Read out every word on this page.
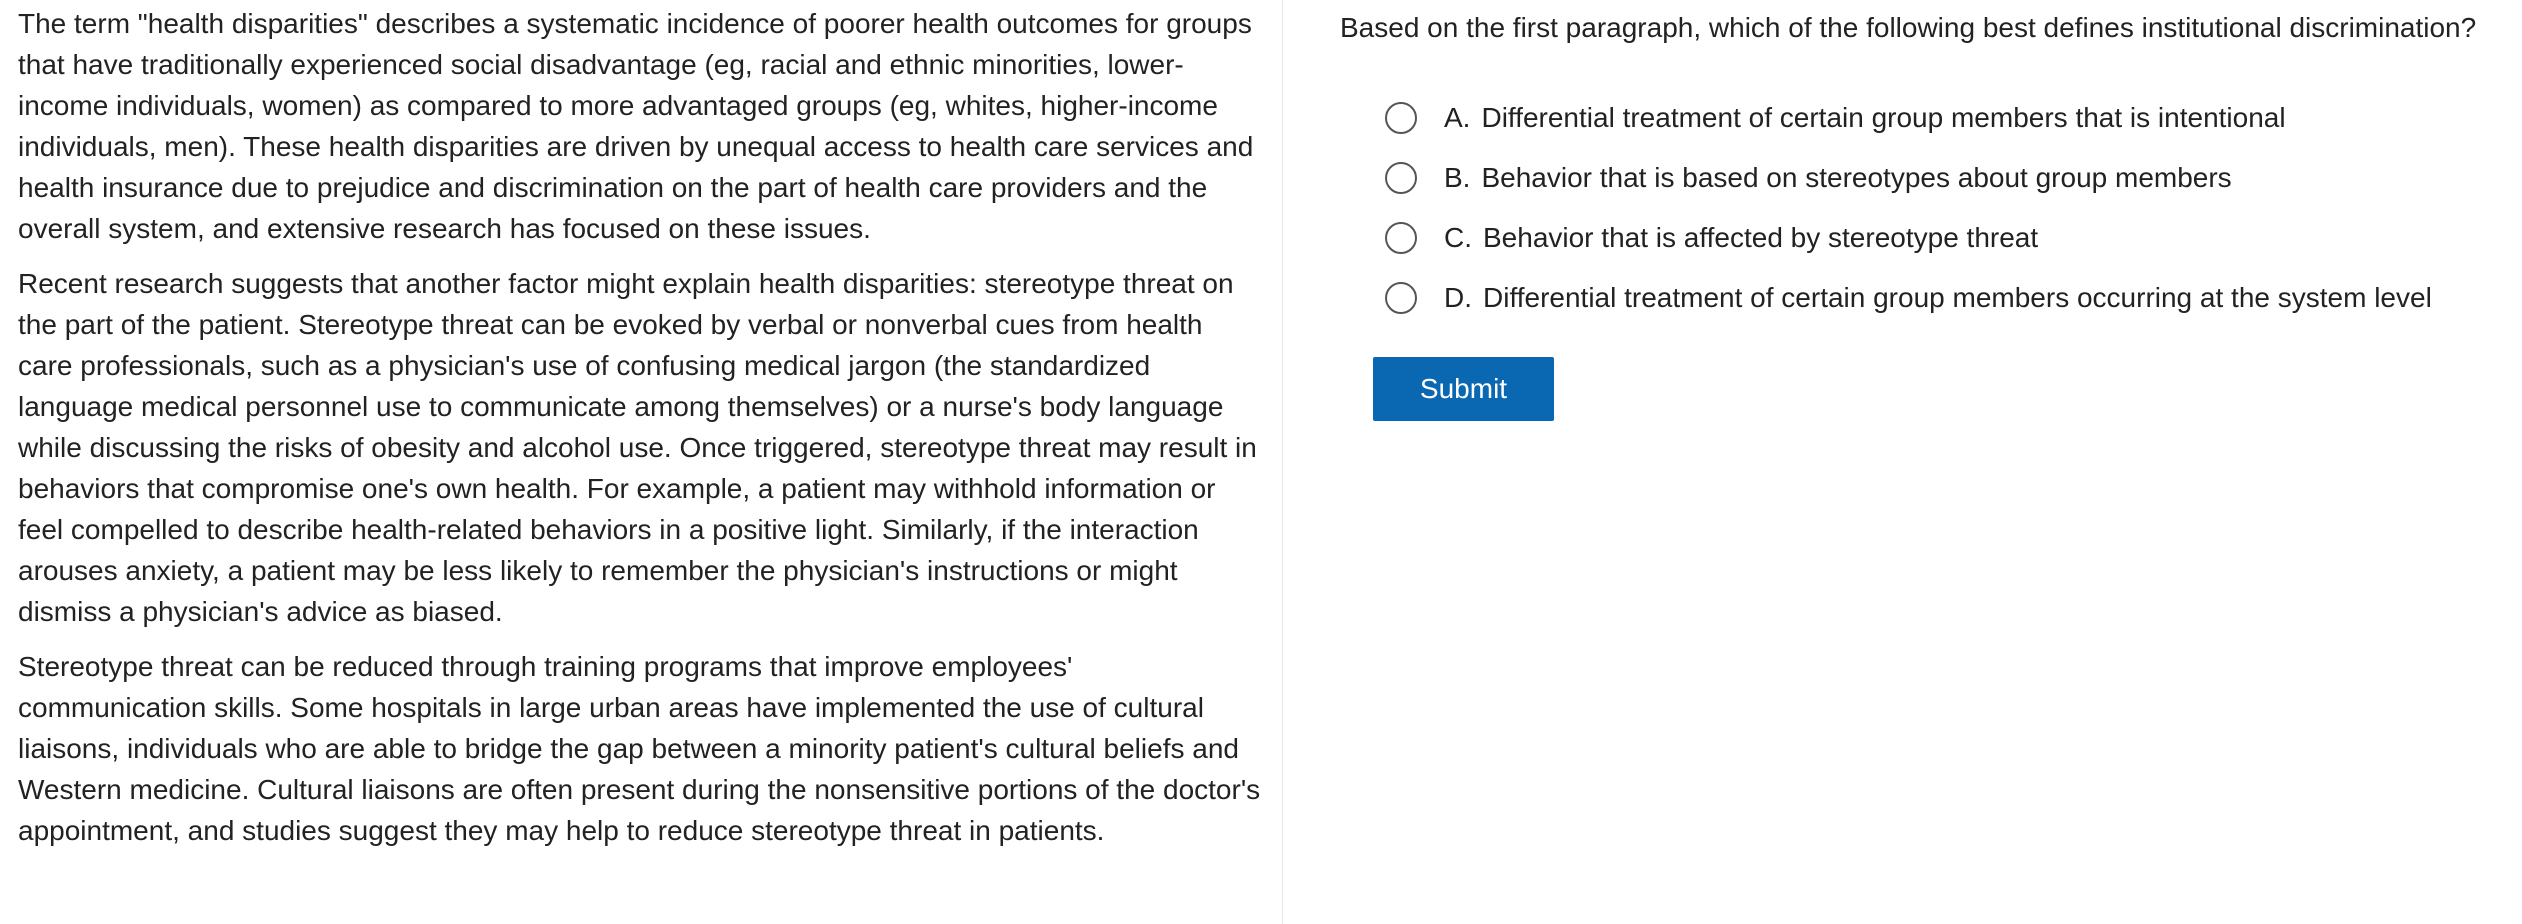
The term "health disparities" describes a systematic incidence of poorer health outcomes for groups that have traditionally experienced social disadvantage (eg, racial and ethnic minorities, lower-income individuals, women) as compared to more advantaged groups (eg, whites, higher-income individuals, men). These health disparities are driven by unequal access to health care services and health insurance due to prejudice and discrimination on the part of health care providers and the overall system, and extensive research has focused on these issues.

Recent research suggests that another factor might explain health disparities: stereotype threat on the part of the patient. Stereotype threat can be evoked by verbal or nonverbal cues from health care professionals, such as a physician's use of confusing medical jargon (the standardized language medical personnel use to communicate among themselves) or a nurse's body language while discussing the risks of obesity and alcohol use. Once triggered, stereotype threat may result in behaviors that compromise one's own health. For example, a patient may withhold information or feel compelled to describe health-related behaviors in a positive light. Similarly, if the interaction arouses anxiety, a patient may be less likely to remember the physician's instructions or might dismiss a physician's advice as biased.

Stereotype threat can be reduced through training programs that improve employees' communication skills. Some hospitals in large urban areas have implemented the use of cultural liaisons, individuals who are able to bridge the gap between a minority patient's cultural beliefs and Western medicine. Cultural liaisons are often present during the nonsensitive portions of the doctor's appointment, and studies suggest they may help to reduce stereotype threat in patients.

Based on the first paragraph, which of the following best defines institutional discrimination?
A. Differential treatment of certain group members that is intentional
B. Behavior that is based on stereotypes about group members
C. Behavior that is affected by stereotype threat
D. Differential treatment of certain group members occurring at the system level
Submit
